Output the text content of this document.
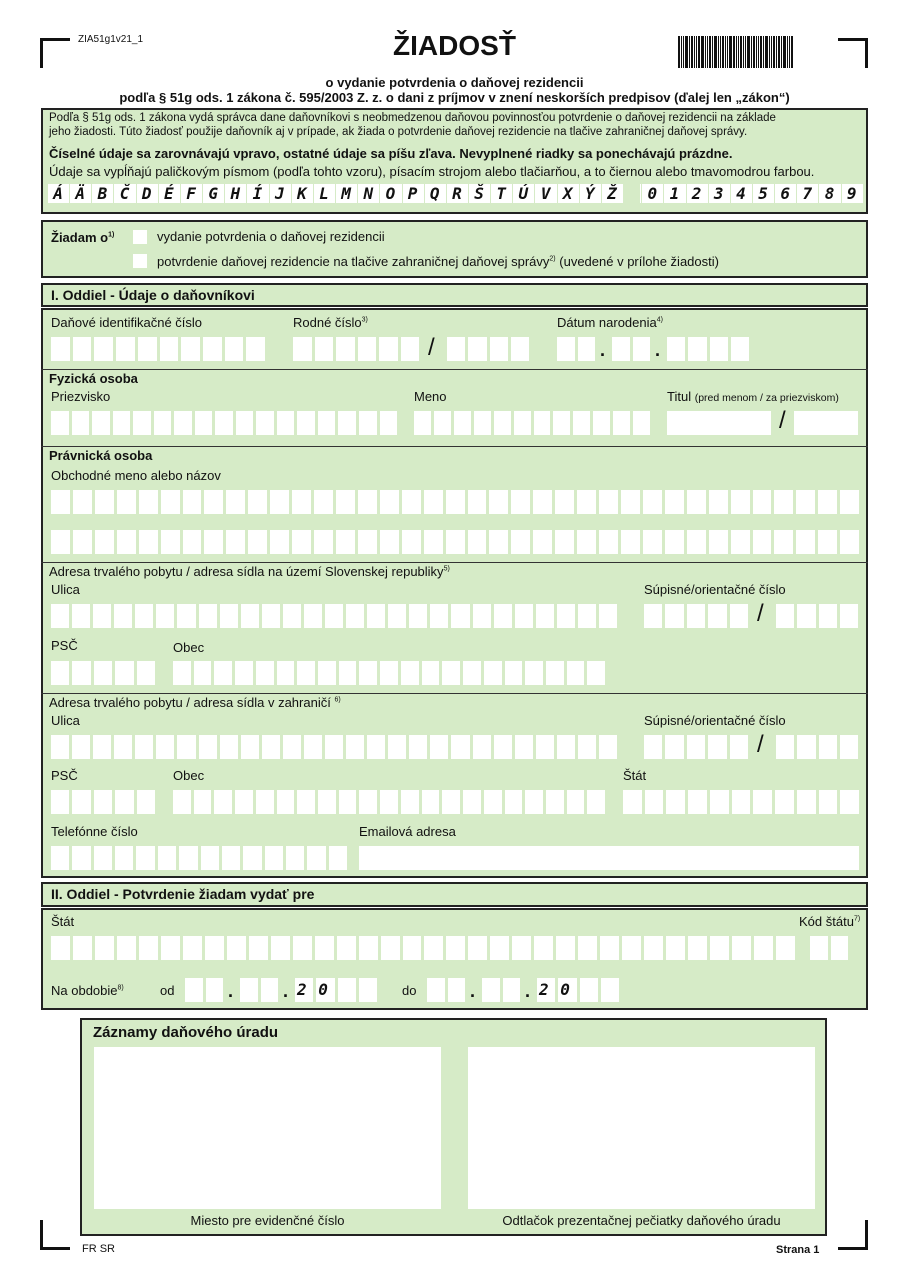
ZIA51g1v21_1	ŽIADOSŤ
o vydanie potvrdenia o daňovej rezidencii
podľa § 51g ods. 1 zákona č. 595/2003 Z. z. o dani z príjmov v znení neskorších predpisov (ďalej len „zákon“)
Podľa § 51g ods. 1 zákona vydá správca dane daňovníkovi s neobmedzenou daňovou povinnosťou potvrdenie o daňovej rezidencii na základe
jeho žiadosti. Túto žiadosť použije daňovník aj v prípade, ak žiada o potvrdenie daňovej rezidencie na tlačive zahraničnej daňovej správy.
Číselné údaje sa zarovnávajú vpravo, ostatné údaje sa píšu zľava. Nevyplnené riadky sa ponechávajú prázdne.
Údaje sa vypĺňajú paličkovým písmom (podľa tohto vzoru), písacím strojom alebo tlačiarňou, a to čiernou alebo tmavomodrou farbou.
Á Ä B Č D É F G H Í J K L M N O P Q R Š T Ú V X Ý Ž	0 1 2 3 4 5 6 7 8 9
Žiadam $o^{1)}$	vydanie potvrdenia o daňovej rezidencii
potvrdenie daňovej rezidencie na tlačive zahraničnej daňovej správy$^{2)}$ (uvedené v prílohe žiadosti)
I. Oddiel - Údaje o daňovníkovi
Daňové identifikačné číslo	Rodné číslo$^{3)}$	Dátum narodenia$^{4)}$
/	.	.
Fyzická osoba
Priezvisko	Meno	Titul (pred menom / za priezviskom)
/
Právnická osoba
Obchodné meno alebo názov
Adresa trvalého pobytu / adresa sídla na území Slovenskej republiky$^{5)}$
Ulica	Súpisné/orientačné číslo
/
PSČ	Obec
Adresa trvalého pobytu / adresa sídla v zahraničí $^{6)}$
Ulica	Súpisné/orientačné číslo
/
PSČ	Obec	Štát
Telefónne číslo	Emailová adresa
II. Oddiel - Potvrdenie žiadam vydať pre
Štát	Kód štátu$^{7)}$
Na obdobie$^{8)}$	od	.	. 2 0	do	.	. 2 0
Záznamy daňového úradu
Miesto pre evidenčné číslo	Odtlačok prezentačnej pečiatky daňového úradu
FR SR	Strana 1
